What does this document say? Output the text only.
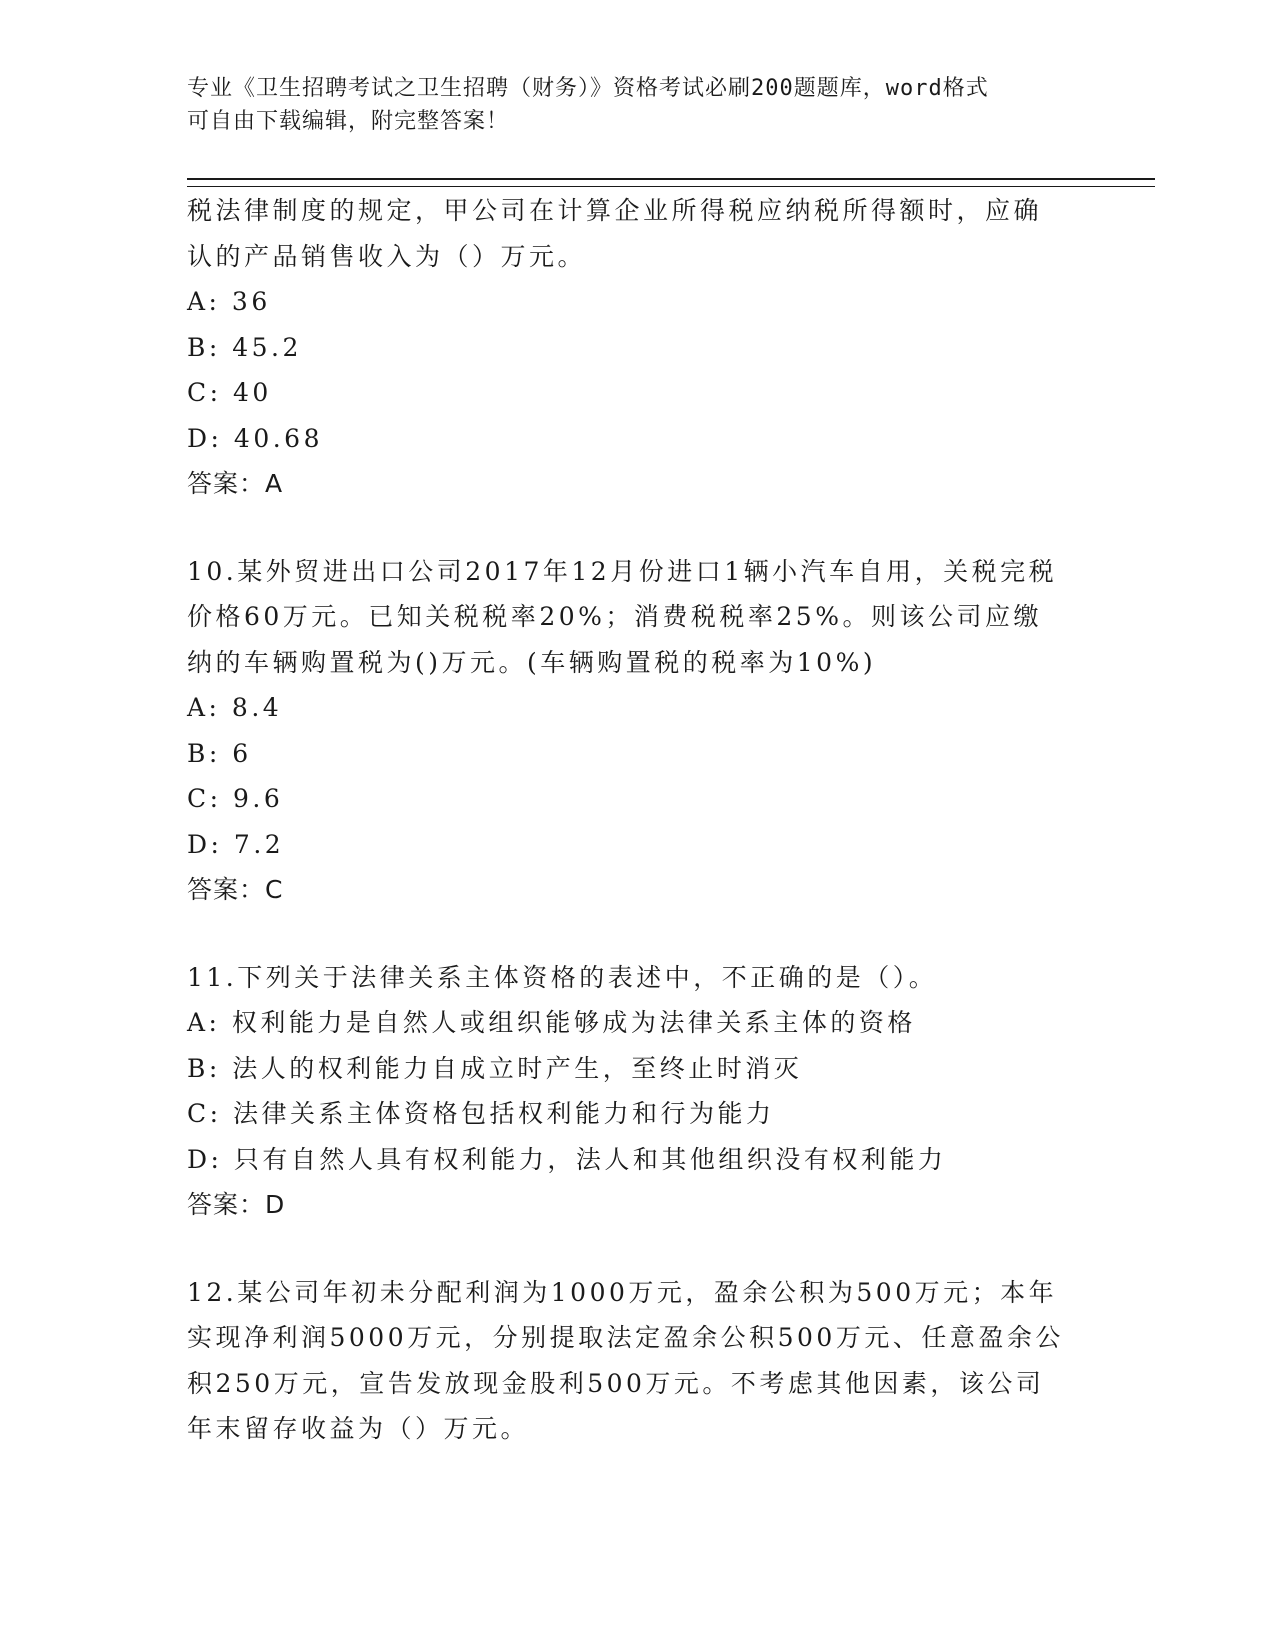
专业《卫生招聘考试之卫生招聘（财务）》资格考试必刷200题题库，word格式
可自由下载编辑，附完整答案！
税法律制度的规定，甲公司在计算企业所得税应纳税所得额时，应确
认的产品销售收入为（）万元。
A: 36
B: 45.2
C: 40
D: 40.68
答案：A
10.某外贸进出口公司2017年12月份进口1辆小汽车自用，关税完税
价格60万元。已知关税税率20%；消费税税率25%。则该公司应缴
纳的车辆购置税为()万元。(车辆购置税的税率为10%)
A: 8.4
B: 6
C: 9.6
D: 7.2
答案：C
11.下列关于法律关系主体资格的表述中，不正确的是（）。
A: 权利能力是自然人或组织能够成为法律关系主体的资格
B: 法人的权利能力自成立时产生，至终止时消灭
C: 法律关系主体资格包括权利能力和行为能力
D: 只有自然人具有权利能力，法人和其他组织没有权利能力
答案：D
12.某公司年初未分配利润为1000万元，盈余公积为500万元；本年
实现净利润5000万元，分别提取法定盈余公积500万元、任意盈余公
积250万元，宣告发放现金股利500万元。不考虑其他因素，该公司
年末留存收益为（）万元。
